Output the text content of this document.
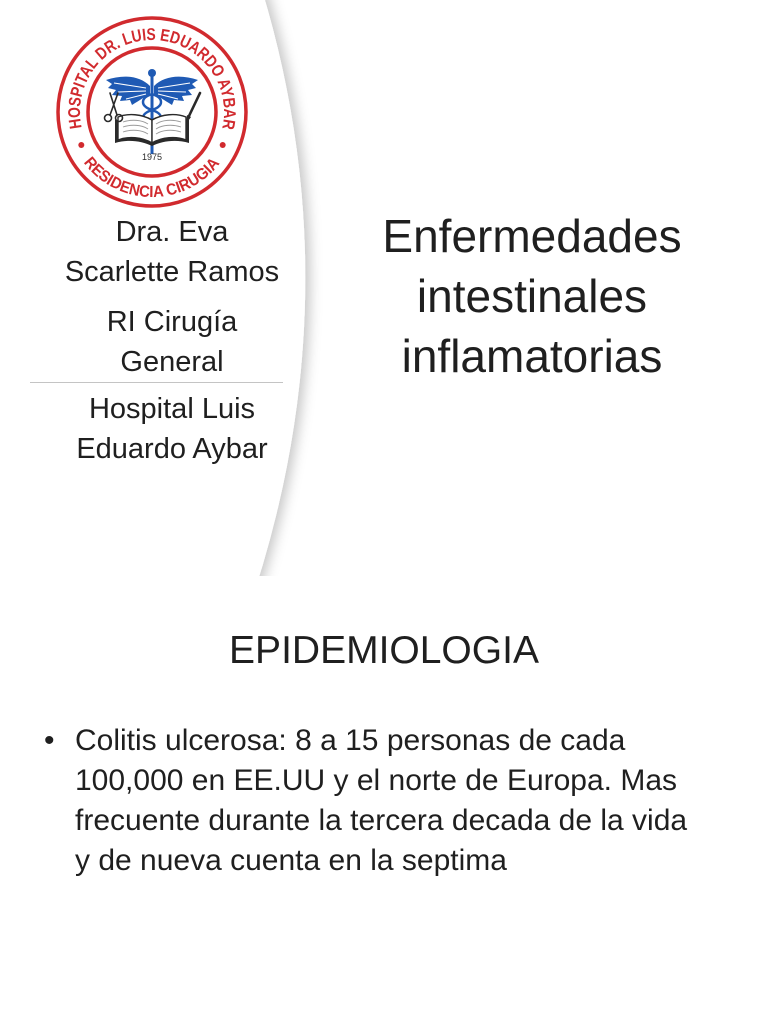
HOSPITAL DR. LUIS EDUARDO AYBAR
RESIDENCIA CIRUGIA
1975
Dra. Eva
Scarlette Ramos
RI Cirugía
General
Hospital Luis
Eduardo Aybar
Enfermedades
intestinales
inflamatorias
EPIDEMIOLOGIA
• Colitis ulcerosa: 8 a 15 personas de cada
100,000 en EE.UU y el norte de Europa. Mas
frecuente durante la tercera decada de la vida
y de nueva cuenta en la septima
